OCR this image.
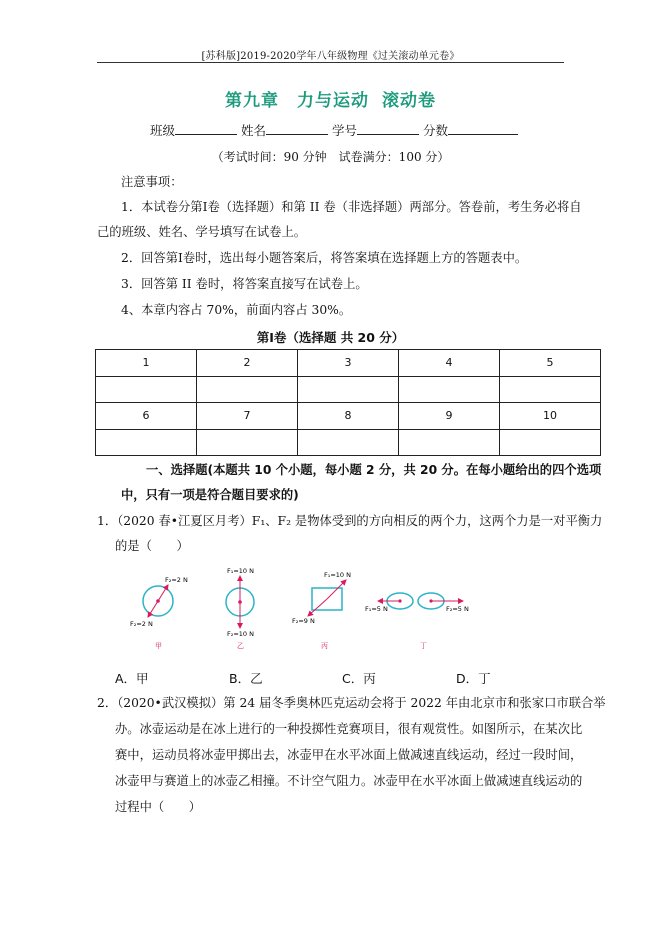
[苏科版]2019-2020学年八年级物理《过关滚动单元卷》
第九章　力与运动 滚动卷
班级	姓名	学号	分数
（考试时间：90 分钟　试卷满分：100 分）
注意事项：
1．本试卷分第Ⅰ卷（选择题）和第 II 卷（非选择题）两部分。答卷前，考生务必将自
己的班级、姓名、学号填写在试卷上。
2．回答第Ⅰ卷时，选出每小题答案后，将答案填在选择题上方的答题表中。
3．回答第 II 卷时，将答案直接写在试卷上。
4、本章内容占 70%，前面内容占 30%。
第Ⅰ卷（选择题 共 20 分）
1	2	3	4	5

6	7	8	9	10

一、选择题(本题共 10 个小题，每小题 2 分，共 20 分。在每小题给出的四个选项
中，只有一项是符合题目要求的)
1．（2020 春•江夏区月考）F₁、F₂ 是物体受到的方向相反的两个力，这两个力是一对平衡力
的是（　　）
F₂=2 N
F₂=2 N
甲
F₁=10 N
F₂=10 N
乙
F₁=10 N
F₂=9 N
丙
F₁=5 N	F₂=5 N
丁
A．甲	B．乙	C．丙	D．丁
2．（2020•武汉模拟）第 24 届冬季奥林匹克运动会将于 2022 年由北京市和张家口市联合举
办。冰壶运动是在冰上进行的一种投掷性竞赛项目，很有观赏性。如图所示，在某次比
赛中，运动员将冰壶甲掷出去，冰壶甲在水平冰面上做减速直线运动，经过一段时间，
冰壶甲与赛道上的冰壶乙相撞。不计空气阻力。冰壶甲在水平冰面上做减速直线运动的
过程中（　　）
